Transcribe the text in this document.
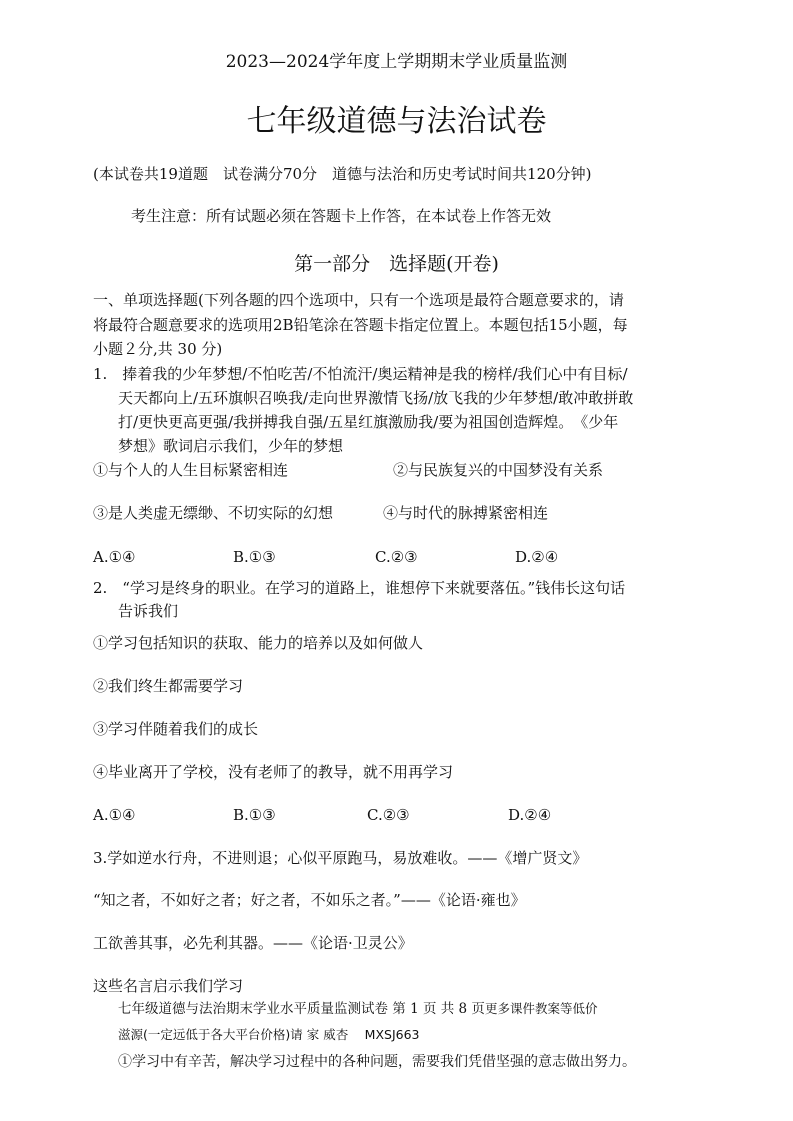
2023—2024学年度上学期期末学业质量监测
七年级道德与法治试卷
(本试卷共19道题　试卷满分70分　道德与法治和历史考试时间共120分钟)
考生注意：所有试题必须在答题卡上作答，在本试卷上作答无效
第一部分　选择题(开卷)
一、单项选择题(下列各题的四个选项中，只有一个选项是最符合题意要求的，请
将最符合题意要求的选项用2B铅笔涂在答题卡指定位置上。本题包括15小题，每
小题２分,共 30 分)
1.　捧着我的少年梦想/不怕吃苦/不怕流汗/奥运精神是我的榜样/我们心中有目标/
天天都向上/五环旗帜召唤我/走向世界激情飞扬/放飞我的少年梦想/敢冲敢拼敢
打/更快更高更强/我拼搏我自强/五星红旗激励我/要为祖国创造辉煌。　《少年
梦想》歌词启示我们，少年的梦想
①与个人的人生目标紧密相连	②与民族复兴的中国梦没有关系
③是人类虚无缥缈、不切实际的幻想	④与时代的脉搏紧密相连
A.①④	B.①③	C.②③	D.②④
2.　“学习是终身的职业。在学习的道路上，谁想停下来就要落伍。”钱伟长这句话
告诉我们
①学习包括知识的获取、能力的培养以及如何做人
②我们终生都需要学习
③学习伴随着我们的成长
④毕业离开了学校，没有老师了的教导，就不用再学习
A.①④	B.①③	C.②③	D.②④
3.学如逆水行舟，不进则退；心似平原跑马，易放难收。——《增广贤文》
“知之者，不如好之者；好之者，不如乐之者。”——《论语·雍也》
工欲善其事，必先利其器。——《论语·卫灵公》
这些名言启示我们学习
七年级道德与法治期末学业水平质量监测试卷 第 1 页 共 8 页更多课件教案等低价
滋源(一定远低于各大平台价格)请 家 威杏　 MXSJ663
①学习中有辛苦，解决学习过程中的各种问题，需要我们凭借坚强的意志做出努力。
